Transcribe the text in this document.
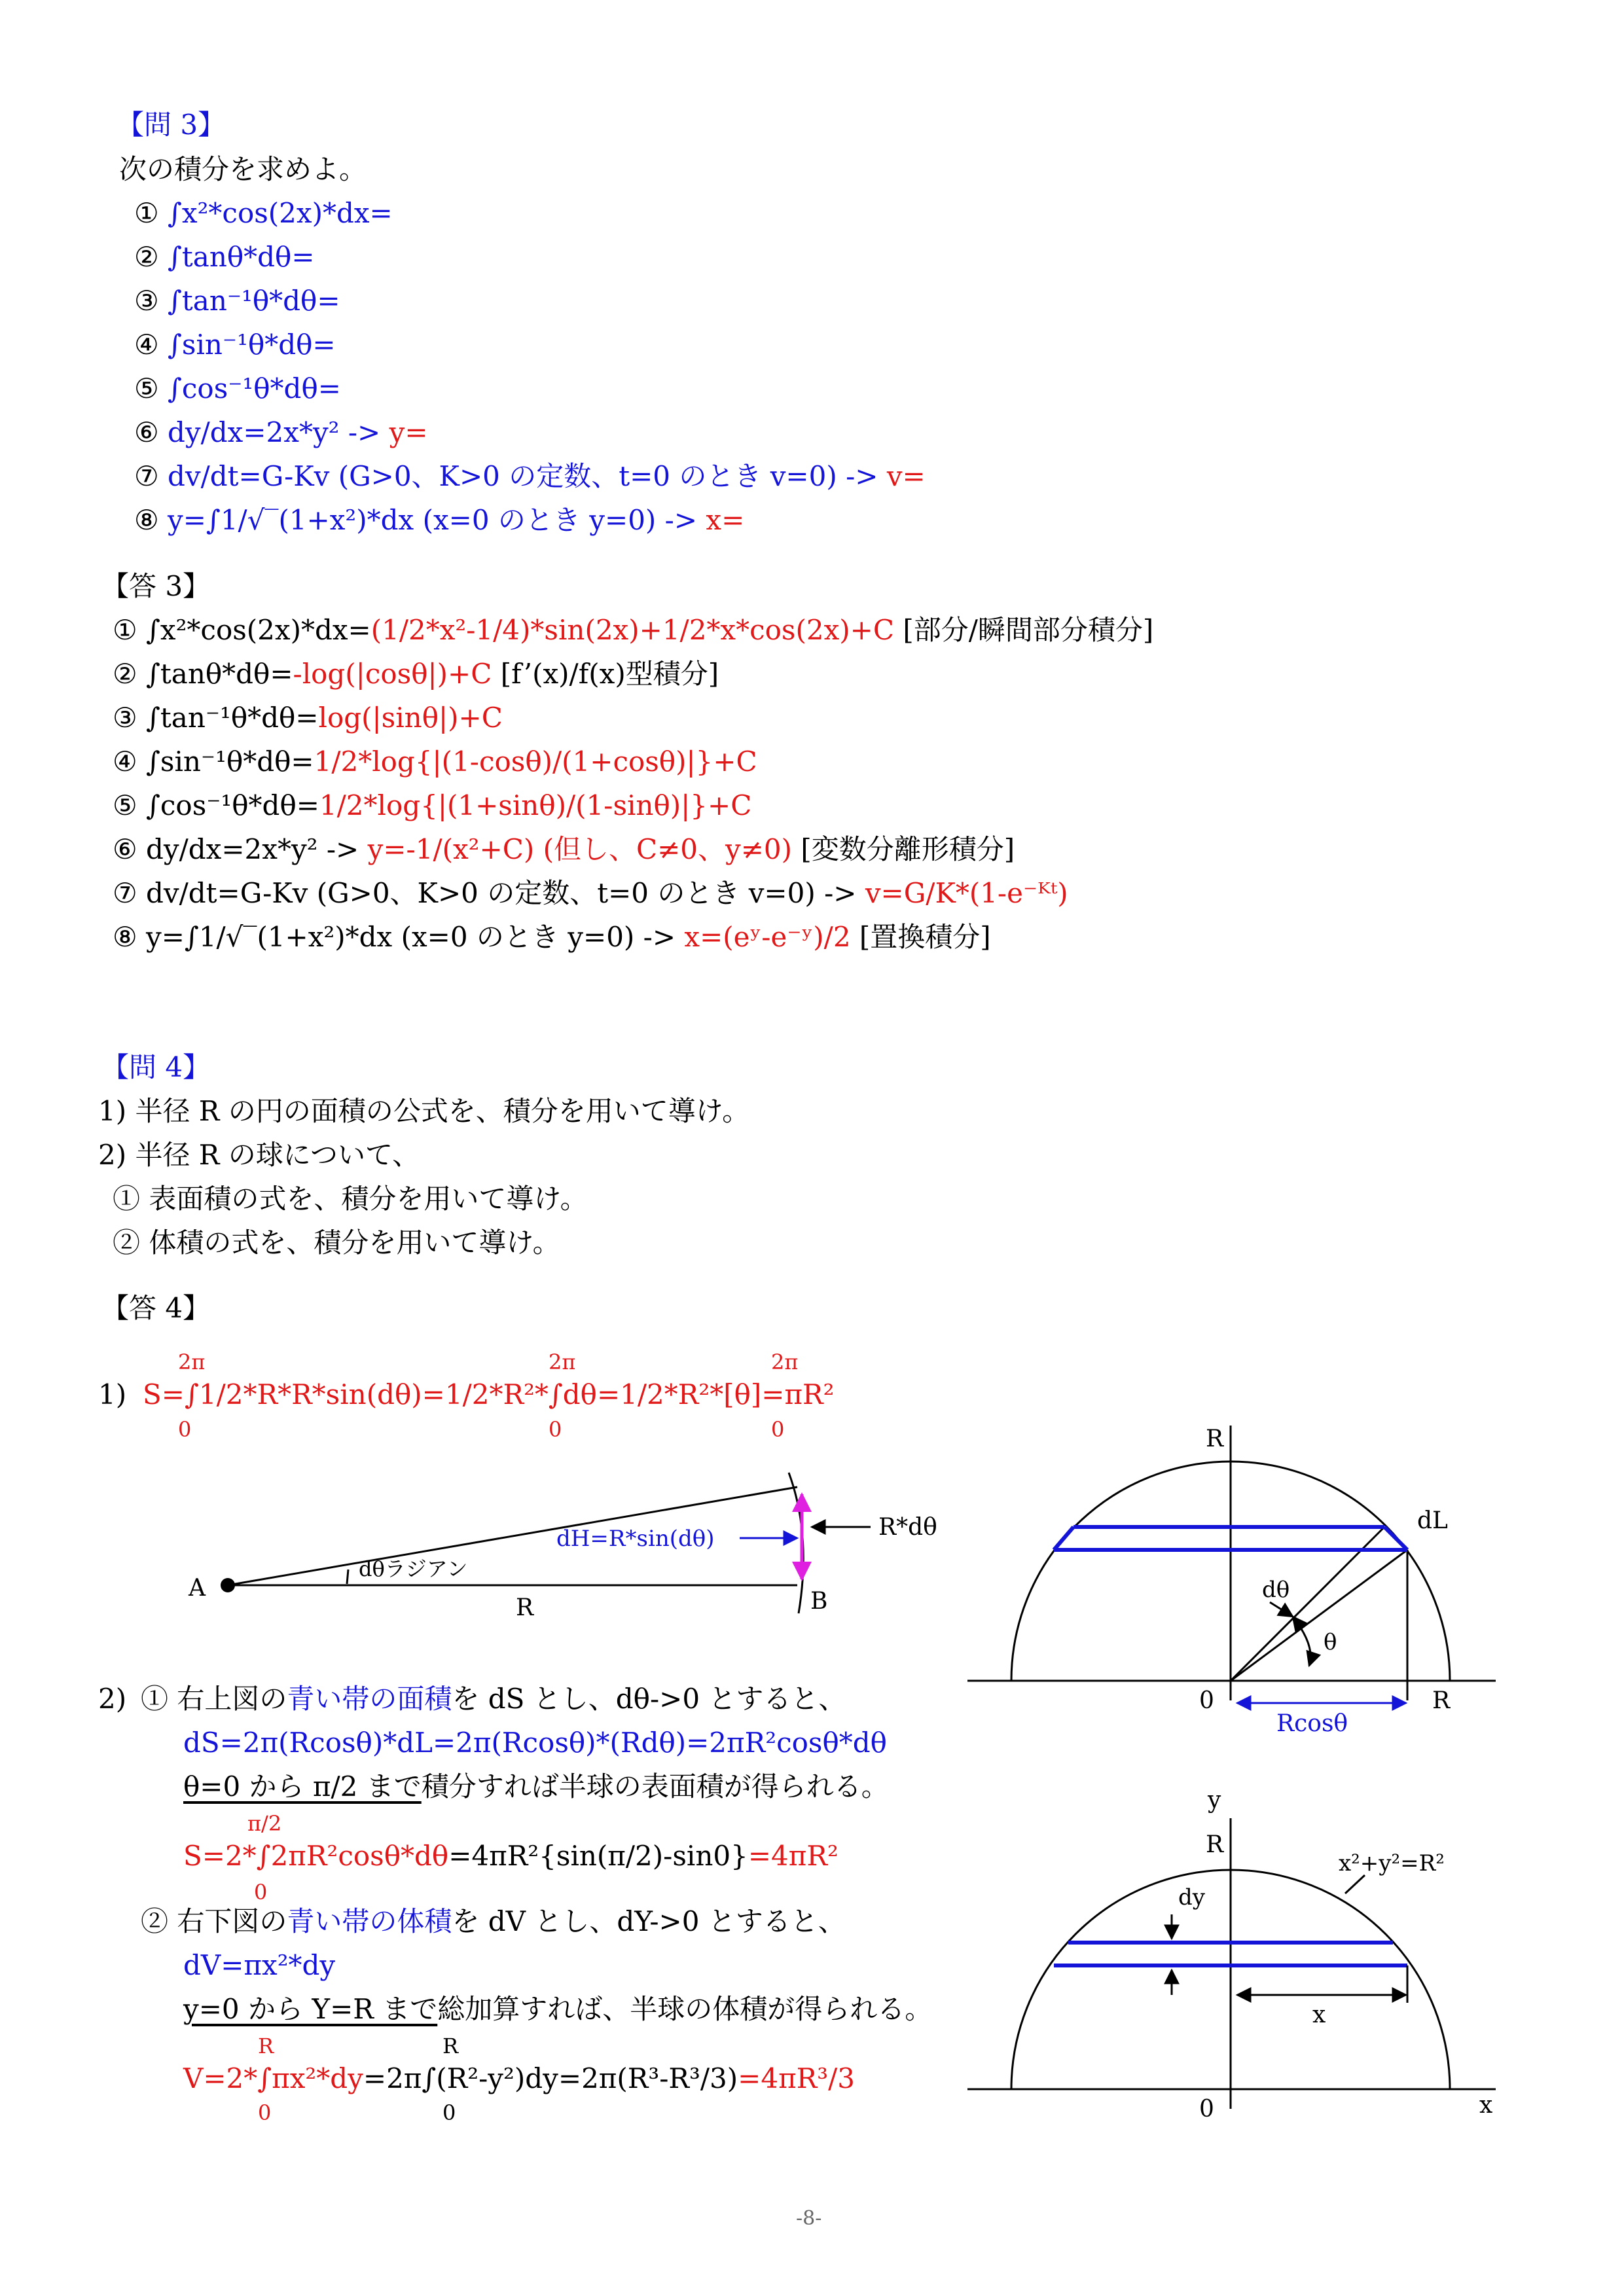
【問 3】
次の積分を求めよ。
① ∫x²*cos(2x)*dx=
② ∫tanθ*dθ=
③ ∫tan⁻¹θ*dθ=
④ ∫sin⁻¹θ*dθ=
⑤ ∫cos⁻¹θ*dθ=
⑥ dy/dx=2x*y² -> y=
⑦ dv/dt=G-Kv (G>0、K>0 の定数、t=0 のとき v=0) -> v=
⑧ y=∫1/√‾(1+x²)*dx (x=0 のとき y=0) -> x=
【答 3】
① ∫x²*cos(2x)*dx=(1/2*x²-1/4)*sin(2x)+1/2*x*cos(2x)+C [部分/瞬間部分積分]
② ∫tanθ*dθ=-log(|cosθ|)+C [f’(x)/f(x)型積分]
③ ∫tan⁻¹θ*dθ=log(|sinθ|)+C
④ ∫sin⁻¹θ*dθ=1/2*log{|(1-cosθ)/(1+cosθ)|}+C
⑤ ∫cos⁻¹θ*dθ=1/2*log{|(1+sinθ)/(1-sinθ)|}+C
⑥ dy/dx=2x*y² -> y=-1/(x²+C) (但し、C≠0、y≠0) [変数分離形積分]
⑦ dv/dt=G-Kv (G>0、K>0 の定数、t=0 のとき v=0) -> v=G/K*(1-e⁻ᴷᵗ)
⑧ y=∫1/√‾(1+x²)*dx (x=0 のとき y=0) -> x=(eʸ-e⁻ʸ)/2 [置換積分]
【問 4】
1) 半径 R の円の面積の公式を、積分を用いて導け。
2) 半径 R の球について、
① 表面積の式を、積分を用いて導け。
② 体積の式を、積分を用いて導け。
【答 4】
1) S=∫1/2*R*R*sin(dθ)=1/2*R²*∫dθ=1/2*R²*[θ]=πR²
2π
0
2π
0
2π
0
2) ① 右上図の青い帯の面積を dS とし、dθ->0 とすると、
dS=2π(Rcosθ)*dL=2π(Rcosθ)*(Rdθ)=2πR²cosθ*dθ
θ=0 から π/2 まで積分すれば半球の表面積が得られる。
π/2
S=2*∫2πR²cosθ*dθ=4πR²{sin(π/2)-sin0}=4πR²
0
② 右下図の青い帯の体積を dV とし、dY->0 とすると、
dV=πx²*dy
y=0 から Y=R まで総加算すれば、半球の体積が得られる。
R	R
V=2*∫πx²*dy=2π∫(R²-y²)dy=2π(R³-R³/3)=4πR³/3
0	0
A	B
R
dθラジアン
dH=R*sin(dθ)	R*dθ
R
dL
dθ
θ
0	R
Rcosθ
y
R
x²+y²=R²
dy
x
0	x
-8-
